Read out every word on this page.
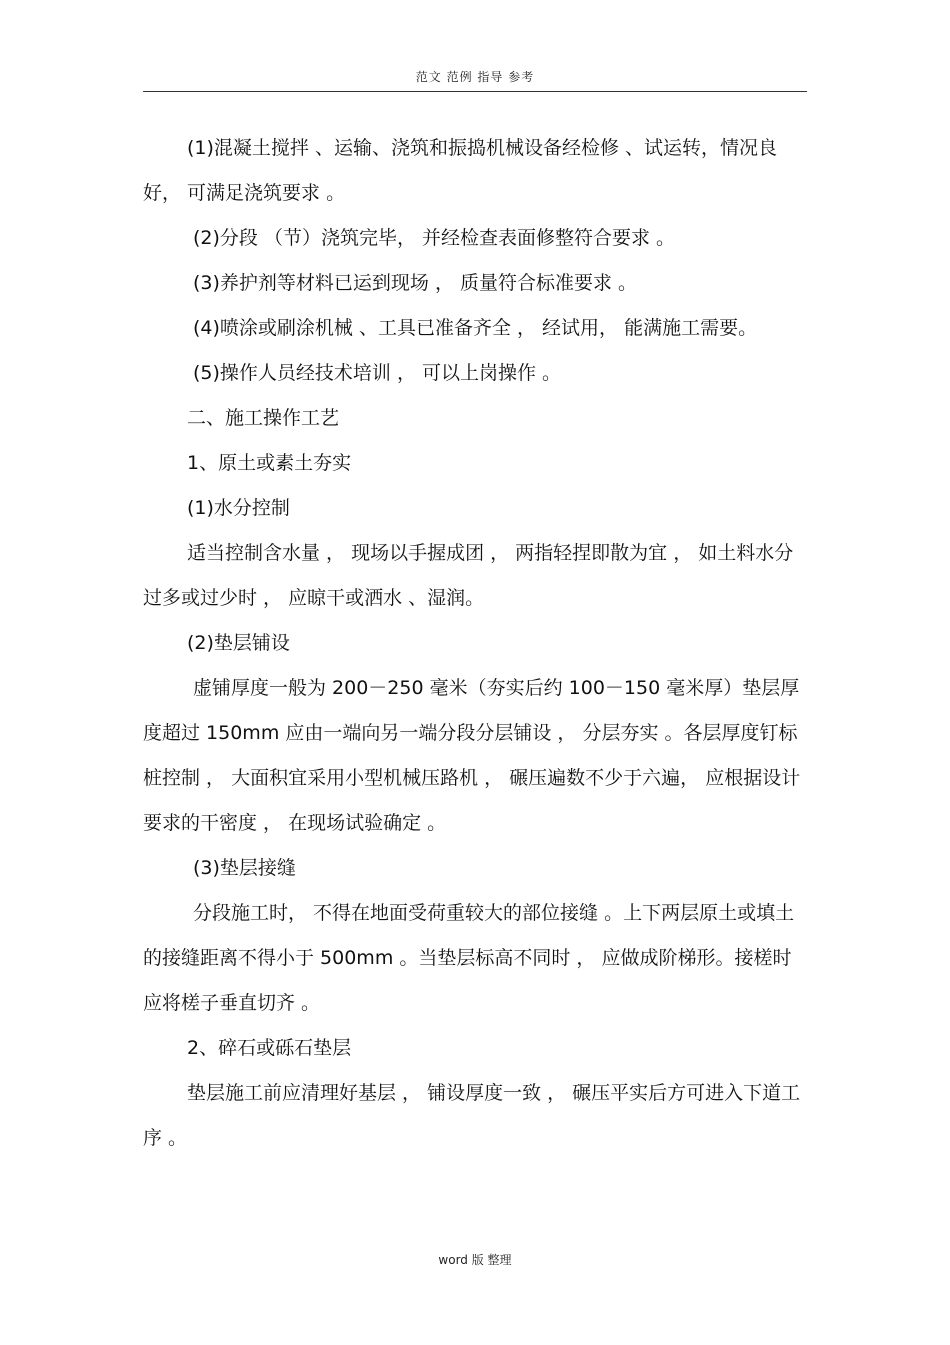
范文 范例 指导 参考

(1)混凝土搅拌 、运输、浇筑和振捣机械设备经检修 、试运转，情况良好， 可满足浇筑要求 。

(2)分段 （节）浇筑完毕， 并经检查表面修整符合要求 。

(3)养护剂等材料已运到现场 ， 质量符合标准要求 。

(4)喷涂或刷涂机械 、工具已准备齐全 ， 经试用， 能满施工需要。

(5)操作人员经技术培训 ， 可以上岗操作 。

二、施工操作工艺

1、原土或素土夯实

(1)水分控制

适当控制含水量 ， 现场以手握成团 ， 两指轻捏即散为宜 ， 如土料水分过多或过少时 ， 应晾干或洒水 、湿润。

(2)垫层铺设

虚铺厚度一般为 200－250 毫米（夯实后约 100－150 毫米厚）垫层厚度超过 150mm 应由一端向另一端分段分层铺设 ， 分层夯实 。各层厚度钉标桩控制 ， 大面积宜采用小型机械压路机 ， 碾压遍数不少于六遍， 应根据设计要求的干密度 ， 在现场试验确定 。

(3)垫层接缝

分段施工时， 不得在地面受荷重较大的部位接缝 。上下两层原土或填土的接缝距离不得小于 500mm 。当垫层标高不同时 ， 应做成阶梯形。接槎时应将槎子垂直切齐 。

2、碎石或砾石垫层

垫层施工前应清理好基层 ， 铺设厚度一致 ， 碾压平实后方可进入下道工序 。

word 版 整理
